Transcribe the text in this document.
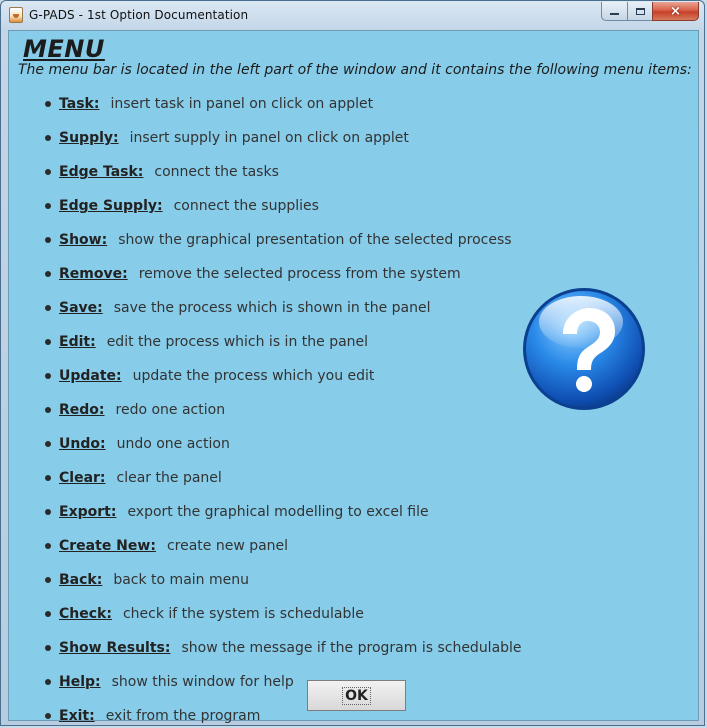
G-PADS - 1st Option Documentation	×
MENU
The menu bar is located in the left part of the window and it contains the following menu items:
Task: insert task in panel on click on applet
Supply: insert supply in panel on click on applet
Edge Task: connect the tasks
Edge Supply: connect the supplies
Show: show the graphical presentation of the selected process
Remove: remove the selected process from the system
Save: save the process which is shown in the panel
Edit: edit the process which is in the panel
Update: update the process which you edit
Redo: redo one action
Undo: undo one action
Clear: clear the panel
Export: export the graphical modelling to excel file
Create New: create new panel
Back: back to main menu
Check: check if the system is schedulable
Show Results: show the message if the program is schedulable
Help: show this window for help
Exit: exit from the program
OK
